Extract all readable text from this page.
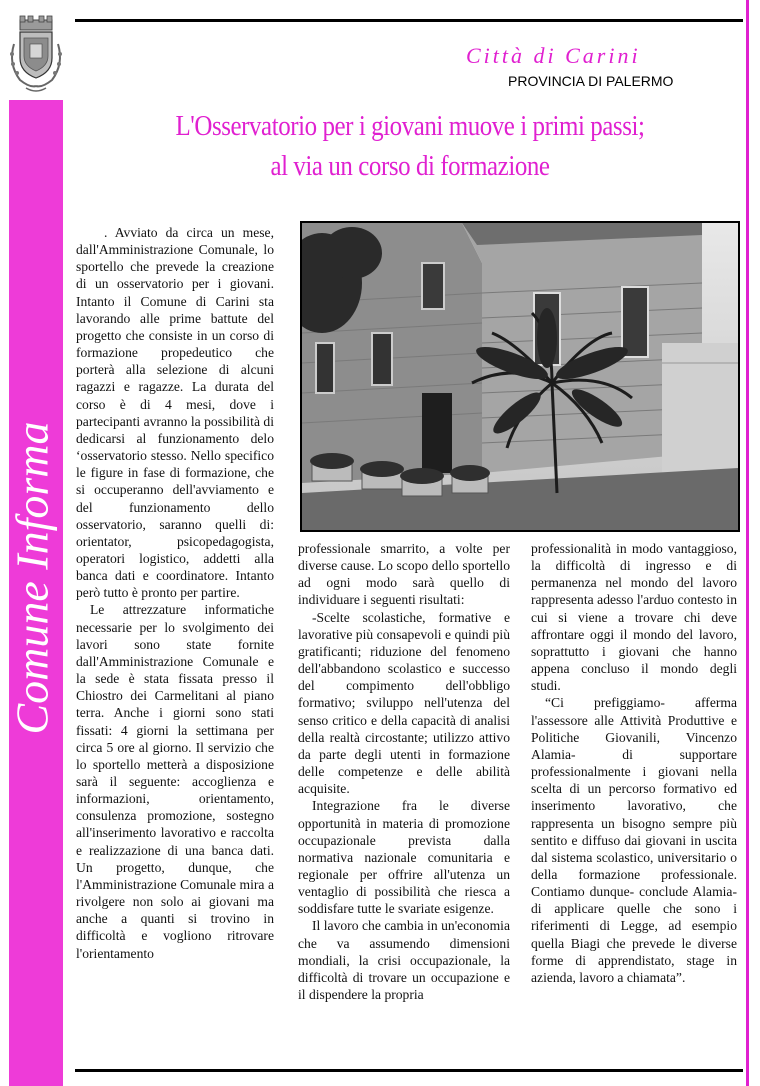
Comune Informa
Città di Carini
PROVINCIA DI PALERMO
L'Osservatorio per i giovani muove i primi passi;
al via un corso di formazione

. Avviato da circa un mese, dall'Amministrazione Comunale, lo sportello che prevede la creazione di un osservatorio per i giovani. Intanto il Comune di Carini sta lavorando alle prime battute del progetto che consiste in un corso di formazione propedeutico che porterà alla selezione di alcuni ragazzi e ragazze. La durata del corso è di 4 mesi, dove i partecipanti avranno la possibilità di dedicarsi al funzionamento delo ‘osservatorio stesso. Nello specifico le figure in fase di formazione, che si occuperanno dell'avviamento e del funzionamento dello osservatorio, saranno quelli di: orientator, psicopedagogista, operatori logistico, addetti alla banca dati e coordinatore. Intanto però tutto è pronto per partire.

Le attrezzature informatiche necessarie per lo svolgimento dei lavori sono state fornite dall'Amministrazione Comunale e la sede è stata fissata presso il Chiostro dei Carmelitani al piano terra. Anche i giorni sono stati fissati: 4 giorni la settimana per circa 5 ore al giorno. Il servizio che lo sportello metterà a disposizione sarà il seguente: accoglienza e informazioni, orientamento, consulenza promozione, sostegno all'inserimento lavorativo e raccolta e realizzazione di una banca dati. Un progetto, dunque, che l'Amministrazione Comunale mira a rivolgere non solo ai giovani ma anche a quanti si trovino in difficoltà e vogliono ritrovare l'orientamento

professionale smarrito, a volte per diverse cause. Lo scopo dello sportello ad ogni modo sarà quello di individuare i seguenti risultati:

-Scelte scolastiche, formative e lavorative più consapevoli e quindi più gratificanti; riduzione del fenomeno dell'abbandono scolastico e successo del compimento dell'obbligo formativo; sviluppo nell'utenza del senso critico e della capacità di analisi della realtà circostante; utilizzo attivo da parte degli utenti in formazione delle competenze e delle abilità acquisite.

Integrazione fra le diverse opportunità in materia di promozione occupazionale prevista dalla normativa nazionale comunitaria e regionale per offrire all'utenza un ventaglio di possibilità che riesca a soddisfare tutte le svariate esigenze.

Il lavoro che cambia in un'economia che va assumendo dimensioni mondiali, la crisi occupazionale, la difficoltà di trovare un occupazione e il dispendere la propria

professionalità in modo vantaggioso, la difficoltà di ingresso e di permanenza nel mondo del lavoro rappresenta adesso l'arduo contesto in cui si viene a trovare chi deve affrontare oggi il mondo del lavoro, soprattutto i giovani che hanno appena concluso il mondo degli studi.

“Ci prefiggiamo- afferma l'assessore alle Attività Produttive e Politiche Giovanili, Vincenzo Alamia- di supportare professionalmente i giovani nella scelta di un percorso formativo ed inserimento lavorativo, che rappresenta un bisogno sempre più sentito e diffuso dai giovani in uscita dal sistema scolastico, universitario o della formazione professionale. Contiamo dunque- conclude Alamia- di applicare quelle che sono i riferimenti di Legge, ad esempio quella Biagi che prevede le diverse forme di apprendistato, stage in azienda, lavoro a chiamata”.
